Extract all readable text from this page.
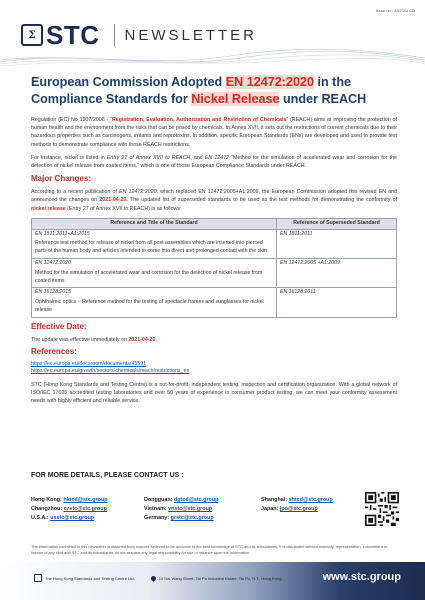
Issue no.: 23/21/U CD
Σ STC NEWSLETTER
European Commission Adopted EN 12472:2020 in the Compliance Standards for Nickel Release under REACH

Regulation (EC) No 1907/2006 - “Registration, Evaluation, Authorization and Restriction of Chemicals” (REACH) aims at improving the protection of human health and the environment from the risks that can be posed by chemicals. In Annex XVII, it sets out the restrictions of current chemicals due to their hazardous properties such as carcinogens, irritants and reprotoxins. In addition, specific European Standards (ENs) are developed and used to provide test methods to demonstrate compliance with those REACH restrictions.

For instance, nickel is listed in Entry 27 of Annex XVII to REACH, and EN 12472 “Method for the simulation of accelerated wear and corrosion for the detection of nickel release from coated items,” which is one of those European Compliance Standards under REACH.

Major Changes:

According to a recent publication of EN 12472:2020, which replaced EN 12472:2005+A1:2009, the European Commission adopted this revised EN and announced the changes on 2021-04-20. The updated list of superseded standards to be used as the test methods for demonstrating the conformity of nickel release (Entry 27 of Annex XVII to REACH) is as follows:

Reference and Title of the Standard	Reference of Superseded Standard

EN 1811:2011+A1:2015
Reference test method for release of nickel from all post assemblies which are inserted into pierced parts of the human body and articles intended to come into direct and prolonged contact with the skin	EN 1811:2011

EN 12472:2020
Method for the simulation of accelerated wear and corrosion for the detection of nickel release from coated items	EN 12472:2005 +A1:2009

EN 16128:2015
Ophthalmic optics – Reference method for the testing of spectacle frames and sunglasses for nickel release	EN 16128:2011
Effective Date:

The update was effective immediately on 2021-04-20.

References:
https://ec.europa.eu/docsroom/documents/45591
https://ec.europa.eu/growth/sectors/chemicals/reach/restrictions_en

STC (Hong Kong Standards and Testing Centre) is a not-for-profit, independent testing, inspection and certification organization. With a global network of ISO/IEC 17025 accredited testing laboratories and over 50 years of experience in consumer product testing, we can meet your conformity assessment needs with highly efficient and reliable service.

FOR MORE DETAILS, PLEASE CONTACT US :
Hong Kong: hktcd@stc.group	Dongguan: dgtcd@stc.group	Shanghai: shtcd@stc.group
Changzhou: czstc@stc.group	Vietnam: vnstc@stc.group	Japan: jpo@stc.group
U.S.A.: usstc@stc.group	Germany: grstc@stc.group
The information contained in this newsletter is obtained from sources believed to be accurate to the best knowledge of STC and its subsidiaries. It is distributed without warranty, representation, inducement or licence of any kind and STC and its subsidiaries do not assume any legal responsibility for use or reliance upon the information.
The Hong Kong Standards and Testing Centre Ltd.	10 Dai Wang Street, Tai Po Industrial Estate, Tai Po, N.T., Hong Kong	www.stc.group
